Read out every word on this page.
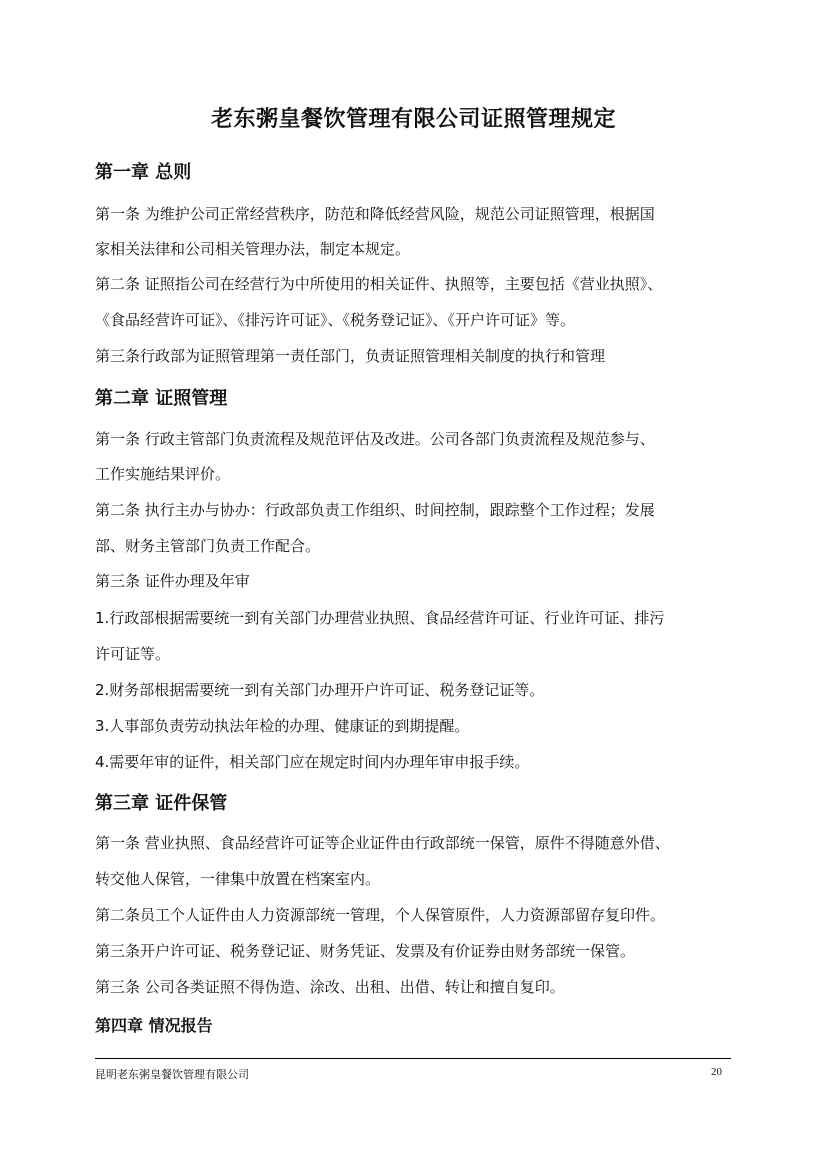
老东粥皇餐饮管理有限公司证照管理规定
第一章 总则
第一条 为维护公司正常经营秩序，防范和降低经营风险，规范公司证照管理，根据国
家相关法律和公司相关管理办法，制定本规定。
第二条 证照指公司在经营行为中所使用的相关证件、执照等，主要包括《营业执照》、
《食品经营许可证》、《排污许可证》、《税务登记证》、《开户许可证》等。
第三条行政部为证照管理第一责任部门，负责证照管理相关制度的执行和管理
第二章 证照管理
第一条 行政主管部门负责流程及规范评估及改进。公司各部门负责流程及规范参与、
工作实施结果评价。
第二条 执行主办与协办：行政部负责工作组织、时间控制，跟踪整个工作过程；发展
部、财务主管部门负责工作配合。
第三条 证件办理及年审
1.行政部根据需要统一到有关部门办理营业执照、食品经营许可证、行业许可证、排污
许可证等。
2.财务部根据需要统一到有关部门办理开户许可证、税务登记证等。
3.人事部负责劳动执法年检的办理、健康证的到期提醒。
4.需要年审的证件，相关部门应在规定时间内办理年审申报手续。
第三章 证件保管
第一条 营业执照、食品经营许可证等企业证件由行政部统一保管，原件不得随意外借、
转交他人保管，一律集中放置在档案室内。
第二条员工个人证件由人力资源部统一管理，个人保管原件，人力资源部留存复印件。
第三条开户许可证、税务登记证、财务凭证、发票及有价证券由财务部统一保管。
第三条 公司各类证照不得伪造、涂改、出租、出借、转让和擅自复印。
第四章 情况报告
昆明老东粥皇餐饮管理有限公司	20
